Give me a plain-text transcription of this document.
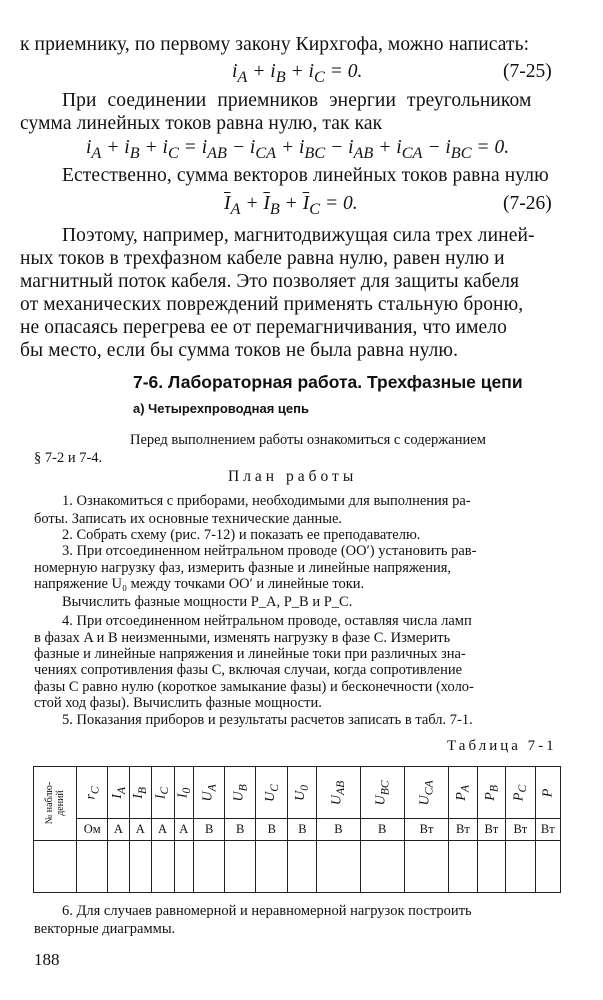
к приемнику, по первому закону Кирхгофа, можно написать:
$i_A + i_B + i_C = 0$.	(7-25)
При соединении приемников энергии треугольником
сумма линейных токов равна нулю, так как
$i_A + i_B + i_C = i_{AB} - i_{CA} + i_{BC} - i_{AB} + i_{CA} - i_{BC} = 0$.
Естественно, сумма векторов линейных токов равна нулю
$\overline{I}_A + \overline{I}_B + \overline{I}_C = 0$.	(7-26)
Поэтому, например, магнитодвижущая сила трех линей-
ных токов в трехфазном кабеле равна нулю, равен нулю и
магнитный поток кабеля. Это позволяет для защиты кабеля
от механических повреждений применять стальную броню,
не опасаясь перегрева ее от перемагничивания, что имело
бы место, если бы сумма токов не была равна нулю.
7-6. Лабораторная работа. Трехфазные цепи
а) Четырехпроводная цепь
Перед выполнением работы ознакомиться с содержанием
§ 7-2 и 7-4.
План работы
1. Ознакомиться с приборами, необходимыми для выполнения ра-
боты. Записать их основные технические данные.
2. Собрать схему (рис. 7-12) и показать ее преподавателю.
3. При отсоединенном нейтральном проводе (OO′) установить рав-
номерную нагрузку фаз, измерить фазные и линейные напряжения,
напряжение U₀ между точками OO′ и линейные токи.
Вычислить фазные мощности P_A, P_B и P_C.
4. При отсоединенном нейтральном проводе, оставляя числа ламп
в фазах A и B неизменными, изменять нагрузку в фазе C. Измерить
фазные и линейные напряжения и линейные токи при различных зна-
чениях сопротивления фазы C, включая случаи, когда сопротивление
фазы C равно нулю (короткое замыкание фазы) и бесконечности (холо-
стой ход фазы). Вычислить фазные мощности.
5. Показания приборов и результаты расчетов записать в табл. 7-1.
Таблица 7-1
№ наблю-
дений	$r_C$	$I_A$	$I_B$	$I_C$	$I_0$	$U_A$	$U_B$	$U_C$	$U_0$	$U_{AB}$	$U_{BC}$	$U_{CA}$	$P_A$	$P_B$	$P_C$	P
	Ом	А	А	А	А	В	В	В	В	В	В	Вт	Вт	Вт	Вт	Вт

6. Для случаев равномерной и неравномерной нагрузок построить
векторные диаграммы.
188
